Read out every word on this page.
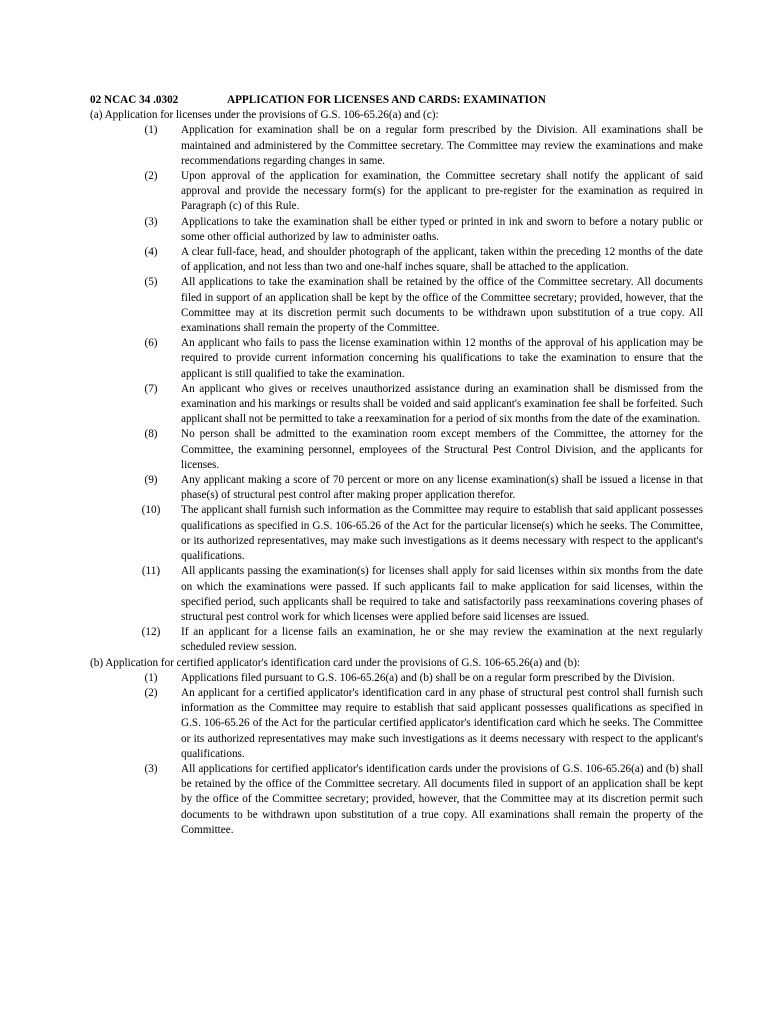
02 NCAC 34 .0302	APPLICATION FOR LICENSES AND CARDS: EXAMINATION

(a) Application for licenses under the provisions of G.S. 106-65.26(a) and (c):

(1)	Application for examination shall be on a regular form prescribed by the Division. All examinations shall be maintained and administered by the Committee secretary. The Committee may review the examinations and make recommendations regarding changes in same.
(2)	Upon approval of the application for examination, the Committee secretary shall notify the applicant of said approval and provide the necessary form(s) for the applicant to pre-register for the examination as required in Paragraph (c) of this Rule.
(3)	Applications to take the examination shall be either typed or printed in ink and sworn to before a notary public or some other official authorized by law to administer oaths.
(4)	A clear full-face, head, and shoulder photograph of the applicant, taken within the preceding 12 months of the date of application, and not less than two and one-half inches square, shall be attached to the application.
(5)	All applications to take the examination shall be retained by the office of the Committee secretary. All documents filed in support of an application shall be kept by the office of the Committee secretary; provided, however, that the Committee may at its discretion permit such documents to be withdrawn upon substitution of a true copy. All examinations shall remain the property of the Committee.
(6)	An applicant who fails to pass the license examination within 12 months of the approval of his application may be required to provide current information concerning his qualifications to take the examination to ensure that the applicant is still qualified to take the examination.
(7)	An applicant who gives or receives unauthorized assistance during an examination shall be dismissed from the examination and his markings or results shall be voided and said applicant's examination fee shall be forfeited. Such applicant shall not be permitted to take a reexamination for a period of six months from the date of the examination.
(8)	No person shall be admitted to the examination room except members of the Committee, the attorney for the Committee, the examining personnel, employees of the Structural Pest Control Division, and the applicants for licenses.
(9)	Any applicant making a score of 70 percent or more on any license examination(s) shall be issued a license in that phase(s) of structural pest control after making proper application therefor.
(10)	The applicant shall furnish such information as the Committee may require to establish that said applicant possesses qualifications as specified in G.S. 106-65.26 of the Act for the particular license(s) which he seeks. The Committee, or its authorized representatives, may make such investigations as it deems necessary with respect to the applicant's qualifications.
(11)	All applicants passing the examination(s) for licenses shall apply for said licenses within six months from the date on which the examinations were passed. If such applicants fail to make application for said licenses, within the specified period, such applicants shall be required to take and satisfactorily pass reexaminations covering phases of structural pest control work for which licenses were applied before said licenses are issued.
(12)	If an applicant for a license fails an examination, he or she may review the examination at the next regularly scheduled review session.

(b) Application for certified applicator's identification card under the provisions of G.S. 106-65.26(a) and (b):

(1)	Applications filed pursuant to G.S. 106-65.26(a) and (b) shall be on a regular form prescribed by the Division.
(2)	An applicant for a certified applicator's identification card in any phase of structural pest control shall furnish such information as the Committee may require to establish that said applicant possesses qualifications as specified in G.S. 106-65.26 of the Act for the particular certified applicator's identification card which he seeks. The Committee or its authorized representatives may make such investigations as it deems necessary with respect to the applicant's qualifications.
(3)	All applications for certified applicator's identification cards under the provisions of G.S. 106-65.26(a) and (b) shall be retained by the office of the Committee secretary. All documents filed in support of an application shall be kept by the office of the Committee secretary; provided, however, that the Committee may at its discretion permit such documents to be withdrawn upon substitution of a true copy. All examinations shall remain the property of the Committee.
